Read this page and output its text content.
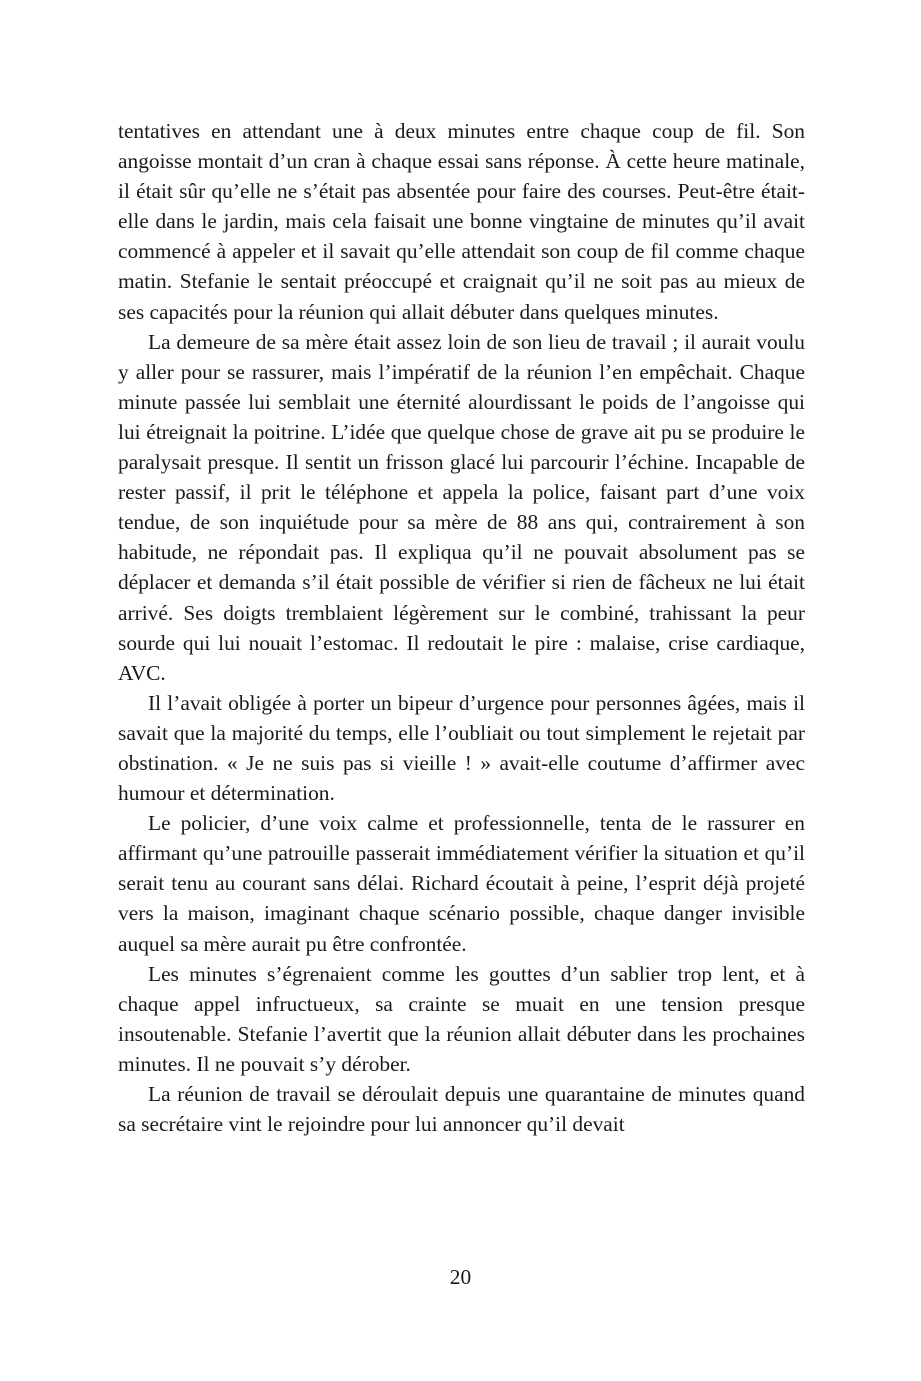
tentatives en attendant une à deux minutes entre chaque coup de fil. Son angoisse montait d’un cran à chaque essai sans réponse. À cette heure matinale, il était sûr qu’elle ne s’était pas absentée pour faire des courses. Peut-être était-elle dans le jardin, mais cela faisait une bonne vingtaine de minutes qu’il avait commencé à appeler et il savait qu’elle attendait son coup de fil comme chaque matin. Stefanie le sentait préoccupé et craignait qu’il ne soit pas au mieux de ses capacités pour la réunion qui allait débuter dans quelques minutes.

La demeure de sa mère était assez loin de son lieu de travail ; il aurait voulu y aller pour se rassurer, mais l’impératif de la réunion l’en empêchait. Chaque minute passée lui semblait une éternité alourdissant le poids de l’angoisse qui lui étreignait la poitrine. L’idée que quelque chose de grave ait pu se produire le paralysait presque. Il sentit un frisson glacé lui parcourir l’échine. Incapable de rester passif, il prit le téléphone et appela la police, faisant part d’une voix tendue, de son inquiétude pour sa mère de 88 ans qui, contrairement à son habitude, ne répondait pas. Il expliqua qu’il ne pouvait absolument pas se déplacer et demanda s’il était possible de vérifier si rien de fâcheux ne lui était arrivé. Ses doigts tremblaient légèrement sur le combiné, trahissant la peur sourde qui lui nouait l’estomac. Il redoutait le pire : malaise, crise cardiaque, AVC.

Il l’avait obligée à porter un bipeur d’urgence pour personnes âgées, mais il savait que la majorité du temps, elle l’oubliait ou tout simplement le rejetait par obstination. « Je ne suis pas si vieille ! » avait-elle coutume d’affirmer avec humour et détermination.

Le policier, d’une voix calme et professionnelle, tenta de le rassurer en affirmant qu’une patrouille passerait immédiatement vérifier la situation et qu’il serait tenu au courant sans délai. Richard écoutait à peine, l’esprit déjà projeté vers la maison, imaginant chaque scénario possible, chaque danger invisible auquel sa mère aurait pu être confrontée.

Les minutes s’égrenaient comme les gouttes d’un sablier trop lent, et à chaque appel infructueux, sa crainte se muait en une tension presque insoutenable. Stefanie l’avertit que la réunion allait débuter dans les prochaines minutes. Il ne pouvait s’y dérober.

La réunion de travail se déroulait depuis une quarantaine de minutes quand sa secrétaire vint le rejoindre pour lui annoncer qu’il devait

20
